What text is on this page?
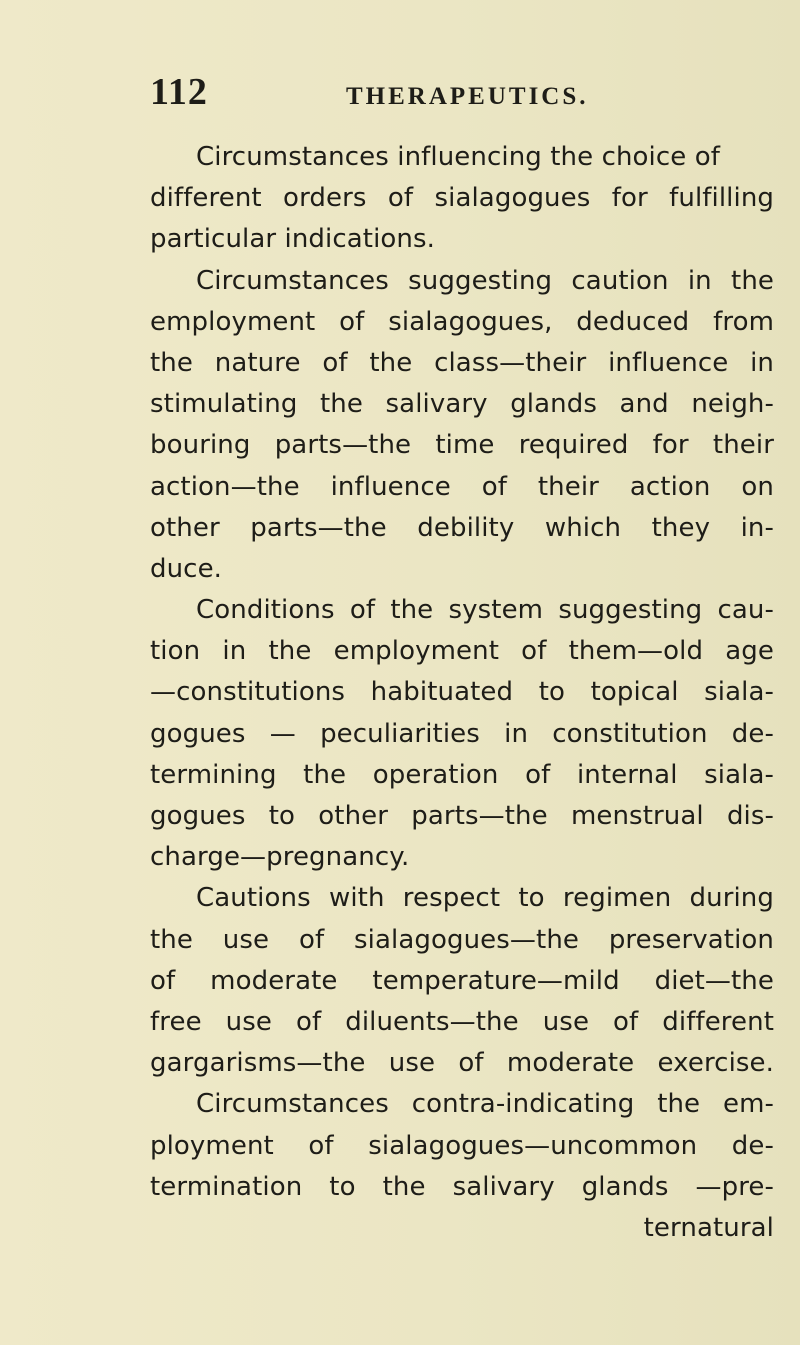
112	THERAPEUTICS.
Circumstances influencing the choice of
different orders of sialagogues for fulfilling
particular indications.
Circumstances suggesting caution in the
employment of sialagogues, deduced from
the nature of the class—their influence in
stimulating the salivary glands and neigh-
bouring parts—the time required for their
action—the influence of their action on
other parts—the debility which they in-
duce.
Conditions of the system suggesting cau-
tion in the employment of them—old age
—constitutions habituated to topical siala-
gogues — peculiarities in constitution de-
termining the operation of internal siala-
gogues to other parts—the menstrual dis-
charge—pregnancy.
Cautions with respect to regimen during
the use of sialagogues—the preservation
of moderate temperature—mild diet—the
free use of diluents—the use of different
gargarisms—the use of moderate exercise.
Circumstances contra-indicating the em-
ployment of sialagogues—uncommon de-
termination to the salivary glands —pre-
ternatural
